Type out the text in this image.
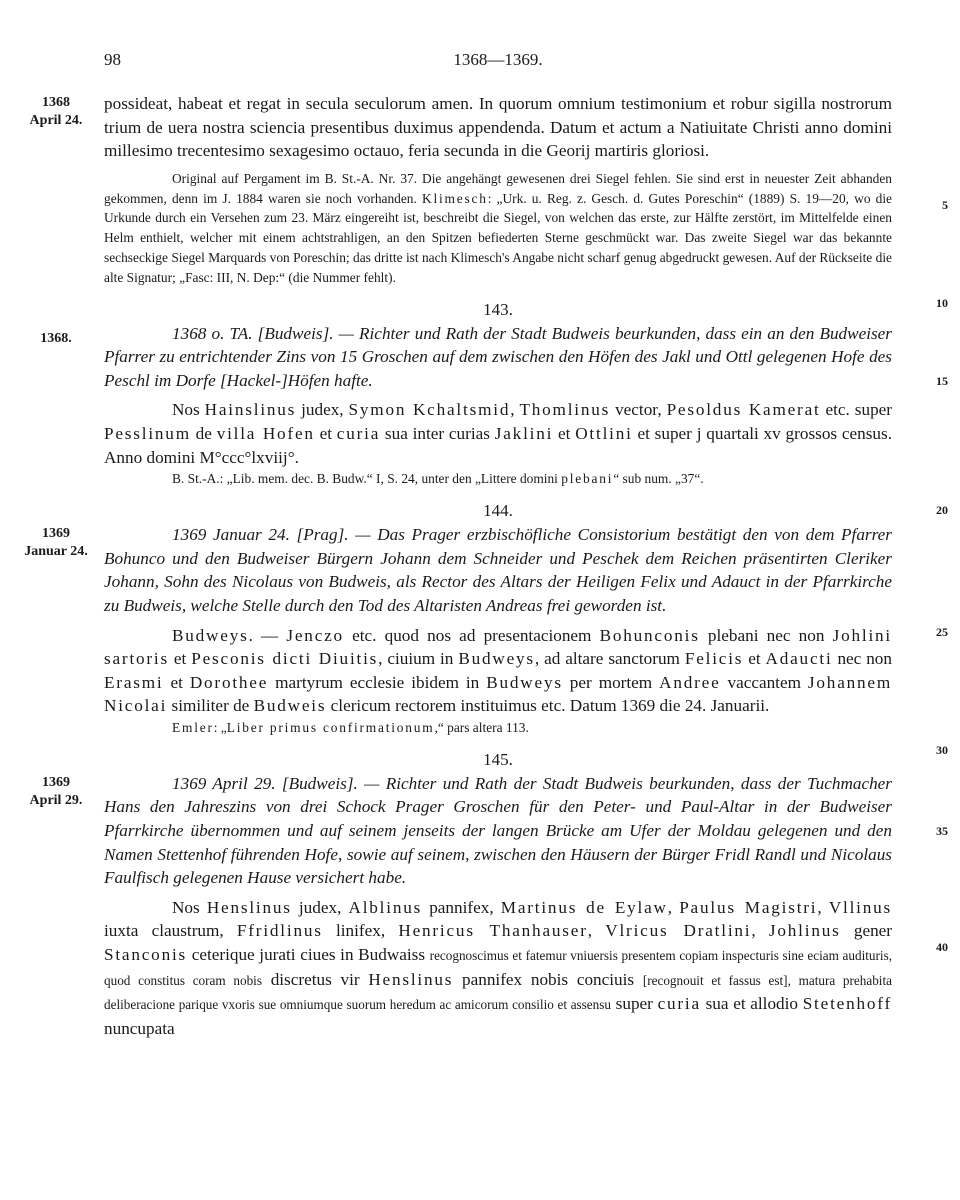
98	1368—1369.
1368
April 24.

possideat, habeat et regat in secula seculorum amen. In quorum omnium testimonium et robur sigilla nostrorum trium de uera nostra sciencia presentibus duximus appendenda. Datum et actum a Natiuitate Christi anno domini millesimo trecentesimo sexagesimo octauo, feria secunda in die Georij martiris gloriosi.

5
10

Original auf Pergament im B. St.-A. Nr. 37. Die angehängt gewesenen drei Siegel fehlen. Sie sind erst in neuester Zeit abhanden gekommen, denn im J. 1884 waren sie noch vorhanden. Klimesch: „Urk. u. Reg. z. Gesch. d. Gutes Poreschin“ (1889) S. 19—20, wo die Urkunde durch ein Versehen zum 23. März eingereiht ist, beschreibt die Siegel, von welchen das erste, zur Hälfte zerstört, im Mittelfelde einen Helm enthielt, welcher mit einem achtstrahligen, an den Spitzen befiederten Sterne geschmückt war. Das zweite Siegel war das bekannte sechseckige Siegel Marquards von Poreschin; das dritte ist nach Klimesch's Angabe nicht scharf genug abgedruckt gewesen. Auf der Rückseite die alte Signatur; „Fasc: III, N. Dep:“ (die Nummer fehlt).

143.

1368.
15

1368 o. TA. [Budweis]. — Richter und Rath der Stadt Budweis beurkunden, dass ein an den Budweiser Pfarrer zu entrichtender Zins von 15 Groschen auf dem zwischen den Höfen des Jakl und Ottl gelegenen Hofe des Peschl im Dorfe [Hackel-]Höfen hafte.

Nos Hainslinus judex, Symon Kchaltsmid, Thomlinus vector, Pesoldus Kamerat etc. super Pesslinum de villa Hofen et curia sua inter curias Jaklini et Ottlini et super j quartali xv grossos census. Anno domini M°ccc°lxviij°.

B. St.-A.: „Lib. mem. dec. B. Budw.“ I, S. 24, unter den „Littere domini plebani“ sub num. „37“.

144.	20
1369
Januar 24.
25
30

1369 Januar 24. [Prag]. — Das Prager erzbischöfliche Consistorium bestätigt den von dem Pfarrer Bohunco und den Budweiser Bürgern Johann dem Schneider und Peschek dem Reichen präsentirten Cleriker Johann, Sohn des Nicolaus von Budweis, als Rector des Altars der Heiligen Felix und Adauct in der Pfarrkirche zu Budweis, welche Stelle durch den Tod des Altaristen Andreas frei geworden ist.

Budweys. — Jenczo etc. quod nos ad presentacionem Bohunconis plebani nec non Johlini sartoris et Pesconis dicti Diuitis, ciuium in Budweys, ad altare sanctorum Felicis et Adaucti nec non Erasmi et Dorothee martyrum ecclesie ibidem in Budweys per mortem Andree vaccantem Johannem Nicolai similiter de Budweis clericum rectorem instituimus etc. Datum 1369 die 24. Januarii.

Emler: „Liber primus confirmationum,“ pars altera 113.

145.

1369
April 29.
35
40

1369 April 29. [Budweis]. — Richter und Rath der Stadt Budweis beurkunden, dass der Tuchmacher Hans den Jahreszins von drei Schock Prager Groschen für den Peter- und Paul-Altar in der Budweiser Pfarrkirche übernommen und auf seinem jenseits der langen Brücke am Ufer der Moldau gelegenen und den Namen Stettenhof führenden Hofe, sowie auf seinem, zwischen den Häusern der Bürger Fridl Randl und Nicolaus Faulfisch gelegenen Hause versichert habe.

Nos Henslinus judex, Alblinus pannifex, Martinus de Eylaw, Paulus Magistri, Vllinus iuxta claustrum, Ffridlinus linifex, Henricus Thanhauser, Vlricus Dratlini, Johlinus gener Stanconis ceterique jurati ciues in Budwaiss recognoscimus et fatemur vniuersis presentem copiam inspecturis sine eciam audituris, quod constitus coram nobis discretus vir Henslinus pannifex nobis conciuis [recognouit et fassus est], matura prehabita deliberacione parique vxoris sue omniumque suorum heredum ac amicorum consilio et assensu super curia sua et allodio Stetenhoff nuncupata
